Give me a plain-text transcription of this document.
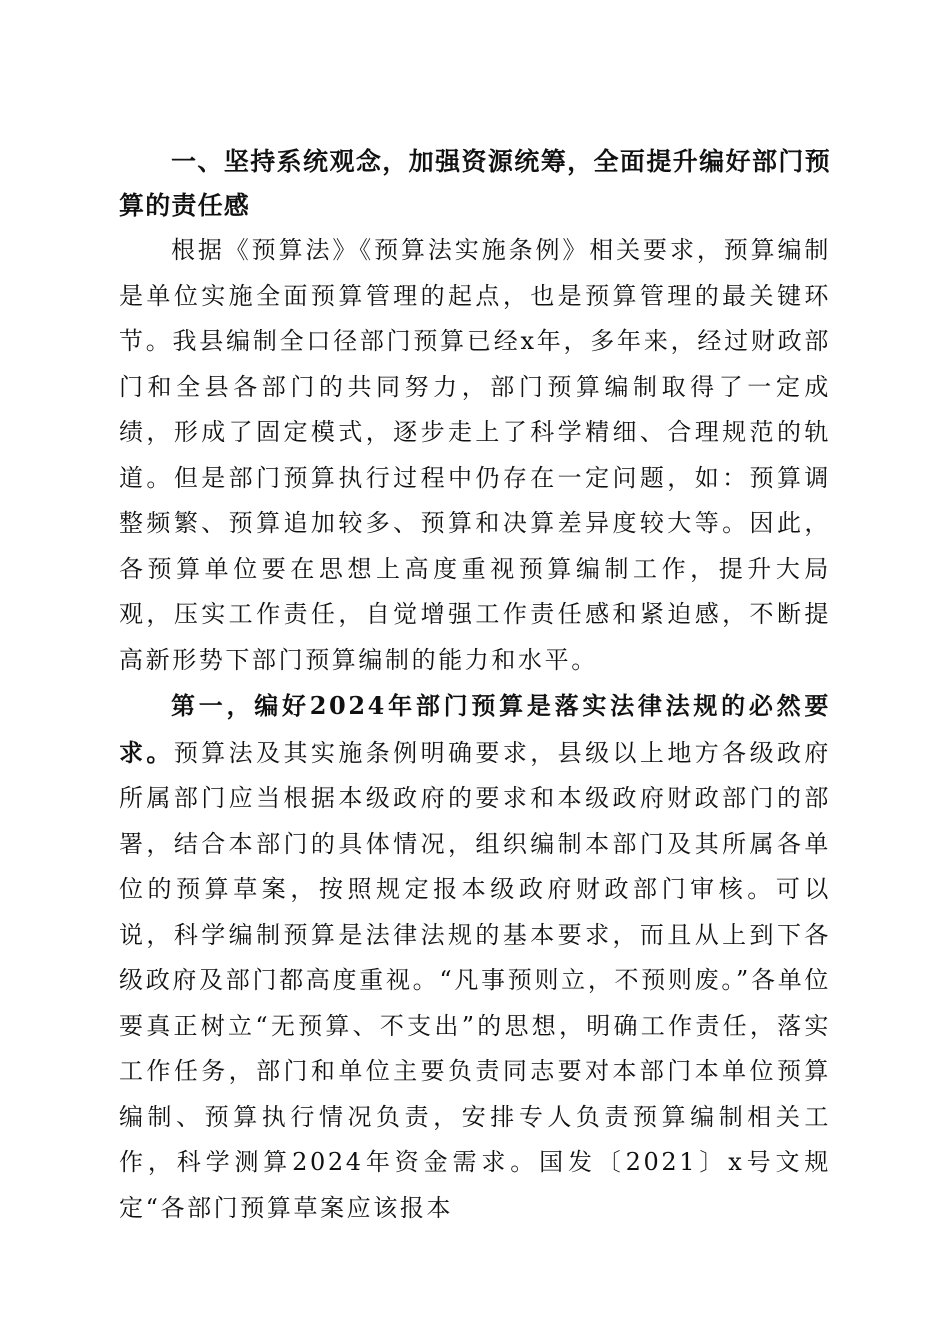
一、坚持系统观念，加强资源统筹，全面提升编好部门预算的责任感

根据《预算法》《预算法实施条例》相关要求，预算编制是单位实施全面预算管理的起点，也是预算管理的最关键环节。我县编制全口径部门预算已经x年，多年来，经过财政部门和全县各部门的共同努力，部门预算编制取得了一定成绩，形成了固定模式，逐步走上了科学精细、合理规范的轨道。但是部门预算执行过程中仍存在一定问题，如：预算调整频繁、预算追加较多、预算和决算差异度较大等。因此，各预算单位要在思想上高度重视预算编制工作，提升大局观，压实工作责任，自觉增强工作责任感和紧迫感，不断提高新形势下部门预算编制的能力和水平。

第一，编好2024年部门预算是落实法律法规的必然要求。预算法及其实施条例明确要求，县级以上地方各级政府所属部门应当根据本级政府的要求和本级政府财政部门的部署，结合本部门的具体情况，组织编制本部门及其所属各单位的预算草案，按照规定报本级政府财政部门审核。可以说，科学编制预算是法律法规的基本要求，而且从上到下各级政府及部门都高度重视。“凡事预则立，不预则废。”各单位要真正树立“无预算、不支出”的思想，明确工作责任，落实工作任务，部门和单位主要负责同志要对本部门本单位预算编制、预算执行情况负责，安排专人负责预算编制相关工作，科学测算2024年资金需求。国发〔2021〕x号文规定“各部门预算草案应该报本
